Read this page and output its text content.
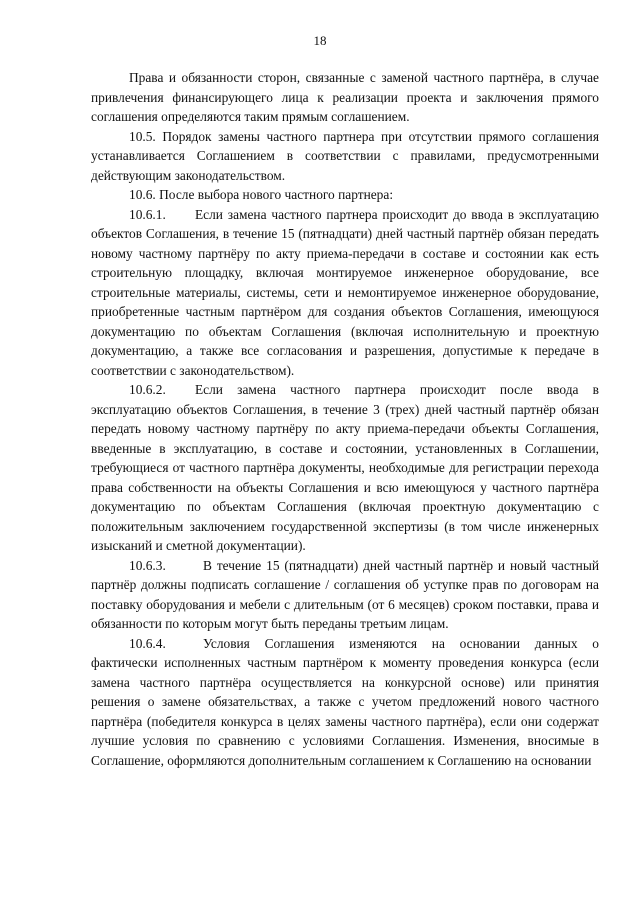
18

Права и обязанности сторон, связанные с заменой частного партнёра, в случае привлечения финансирующего лица к реализации проекта и заключения прямого соглашения определяются таким прямым соглашением.

10.5. Порядок замены частного партнера при отсутствии прямого соглашения устанавливается Соглашением в соответствии с правилами, предусмотренными действующим законодательством.

10.6. После выбора нового частного партнера:

10.6.1. Если замена частного партнера происходит до ввода в эксплуатацию объектов Соглашения, в течение 15 (пятнадцати) дней частный партнёр обязан передать новому частному партнёру по акту приема-передачи в составе и состоянии как есть строительную площадку, включая монтируемое инженерное оборудование, все строительные материалы, системы, сети и немонтируемое инженерное оборудование, приобретенные частным партнёром для создания объектов Соглашения, имеющуюся документацию по объектам Соглашения (включая исполнительную и проектную документацию, а также все согласования и разрешения, допустимые к передаче в соответствии с законодательством).

10.6.2. Если замена частного партнера происходит после ввода в эксплуатацию объектов Соглашения, в течение 3 (трех) дней частный партнёр обязан передать новому частному партнёру по акту приема-передачи объекты Соглашения, введенные в эксплуатацию, в составе и состоянии, установленных в Соглашении, требующиеся от частного партнёра документы, необходимые для регистрации перехода права собственности на объекты Соглашения и всю имеющуюся у частного партнёра документацию по объектам Соглашения (включая проектную документацию с положительным заключением государственной экспертизы (в том числе инженерных изысканий и сметной документации).

10.6.3.	В течение 15 (пятнадцати) дней частный партнёр и новый частный партнёр должны подписать соглашение / соглашения об уступке прав по договорам на поставку оборудования и мебели с длительным (от 6 месяцев) сроком поставки, права и обязанности по которым могут быть переданы третьим лицам.

10.6.4.	Условия Соглашения изменяются на основании данных о фактически исполненных частным партнёром к моменту проведения конкурса (если замена частного партнёра осуществляется на конкурсной основе) или принятия решения о замене обязательствах, а также с учетом предложений нового частного партнёра (победителя конкурса в целях замены частного партнёра), если они содержат лучшие условия по сравнению с условиями Соглашения. Изменения, вносимые в Соглашение, оформляются дополнительным соглашением к Соглашению на основании
